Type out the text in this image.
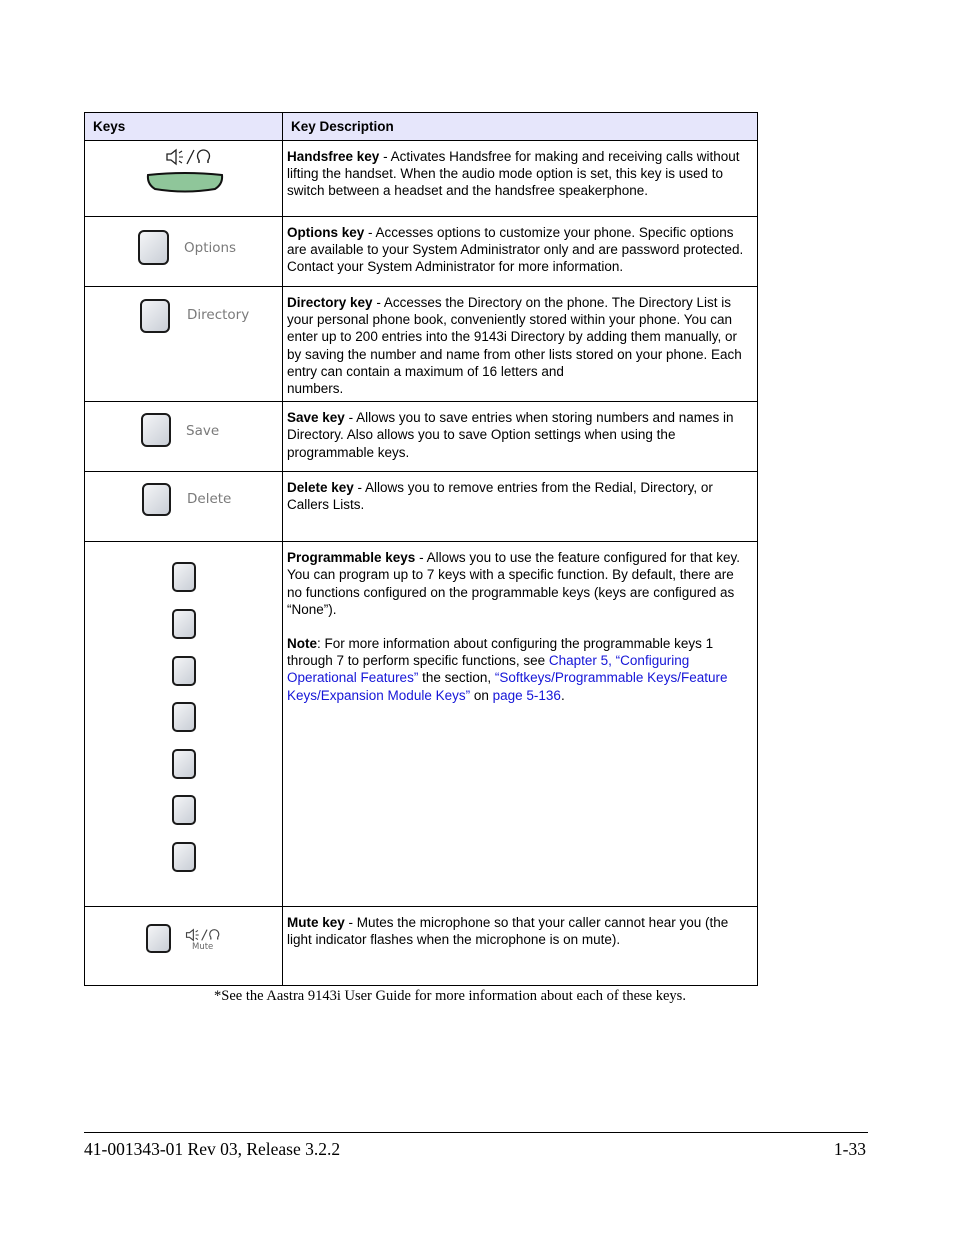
Keys	Key Description

Handsfree key - Activates Handsfree for making and receiving calls without lifting the handset. When the audio mode option is set, this key is used to switch between a headset and the handsfree speakerphone.

Options	Options key - Accesses options to customize your phone. Specific options are available to your System Administrator only and are password protected. Contact your System Administrator for more information.

Directory	Directory key - Accesses the Directory on the phone. The Directory List is your personal phone book, conveniently stored within your phone. You can enter up to 200 entries into the 9143i Directory by adding them manually, or by saving the number and name from other lists stored on your phone. Each entry can contain a maximum of 16 letters and
numbers.

Save	Save key - Allows you to save entries when storing numbers and names in Directory. Also allows you to save Option settings when using the programmable keys.

Delete	Delete key - Allows you to remove entries from the Redial, Directory, or Callers Lists.

	Programmable keys - Allows you to use the feature configured for that key. You can program up to 7 keys with a specific function. By default, there are no functions configured on the programmable keys (keys are configured as “None”).
Note: For more information about configuring the programmable keys 1 through 7 to perform specific functions, see Chapter 5, “Configuring Operational Features” the section, “Softkeys/Programmable Keys/Feature Keys/Expansion Module Keys” on page 5-136.

Mute	Mute key - Mutes the microphone so that your caller cannot hear you (the light indicator flashes when the microphone is on mute).
*See the Aastra 9143i User Guide for more information about each of these keys.
41-001343-01 Rev 03, Release 3.2.2	1-33
